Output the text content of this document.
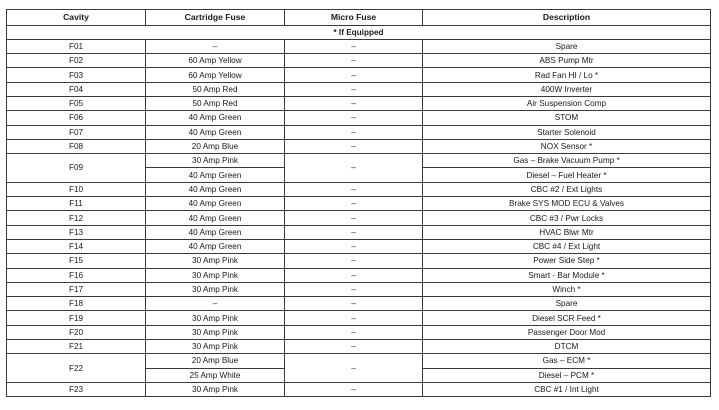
Cavity	Cartridge Fuse	Micro Fuse	Description
* If Equipped			
F01	–	–	Spare
F02	60 Amp Yellow	–	ABS Pump Mtr
F03	60 Amp Yellow	–	Rad Fan HI / Lo *
F04	50 Amp Red	–	400W Inverter
F05	50 Amp Red	–	Air Suspension Comp
F06	40 Amp Green	–	STOM
F07	40 Amp Green	–	Starter Solenoid
F08	20 Amp Blue	–	NOX Sensor *
F09	30 Amp Pink	–	Gas – Brake Vacuum Pump *
	40 Amp Green		Diesel – Fuel Heater *
F10	40 Amp Green	–	CBC #2 / Ext Lights
F11	40 Amp Green	–	Brake SYS MOD ECU & Valves
F12	40 Amp Green	–	CBC #3 / Pwr Locks
F13	40 Amp Green	–	HVAC Blwr Mtr
F14	40 Amp Green	–	CBC #4 / Ext Light
F15	30 Amp Pink	–	Power Side Step *
F16	30 Amp Pink	–	Smart - Bar Module *
F17	30 Amp Pink	–	Winch *
F18	–	–	Spare
F19	30 Amp Pink	–	Diesel SCR Feed *
F20	30 Amp Pink	–	Passenger Door Mod
F21	30 Amp Pink	–	DTCM
F22	20 Amp Blue	–	Gas – ECM *
	25 Amp White		Diesel – PCM *
F23	30 Amp Pink	–	CBC #1 / Int Light
